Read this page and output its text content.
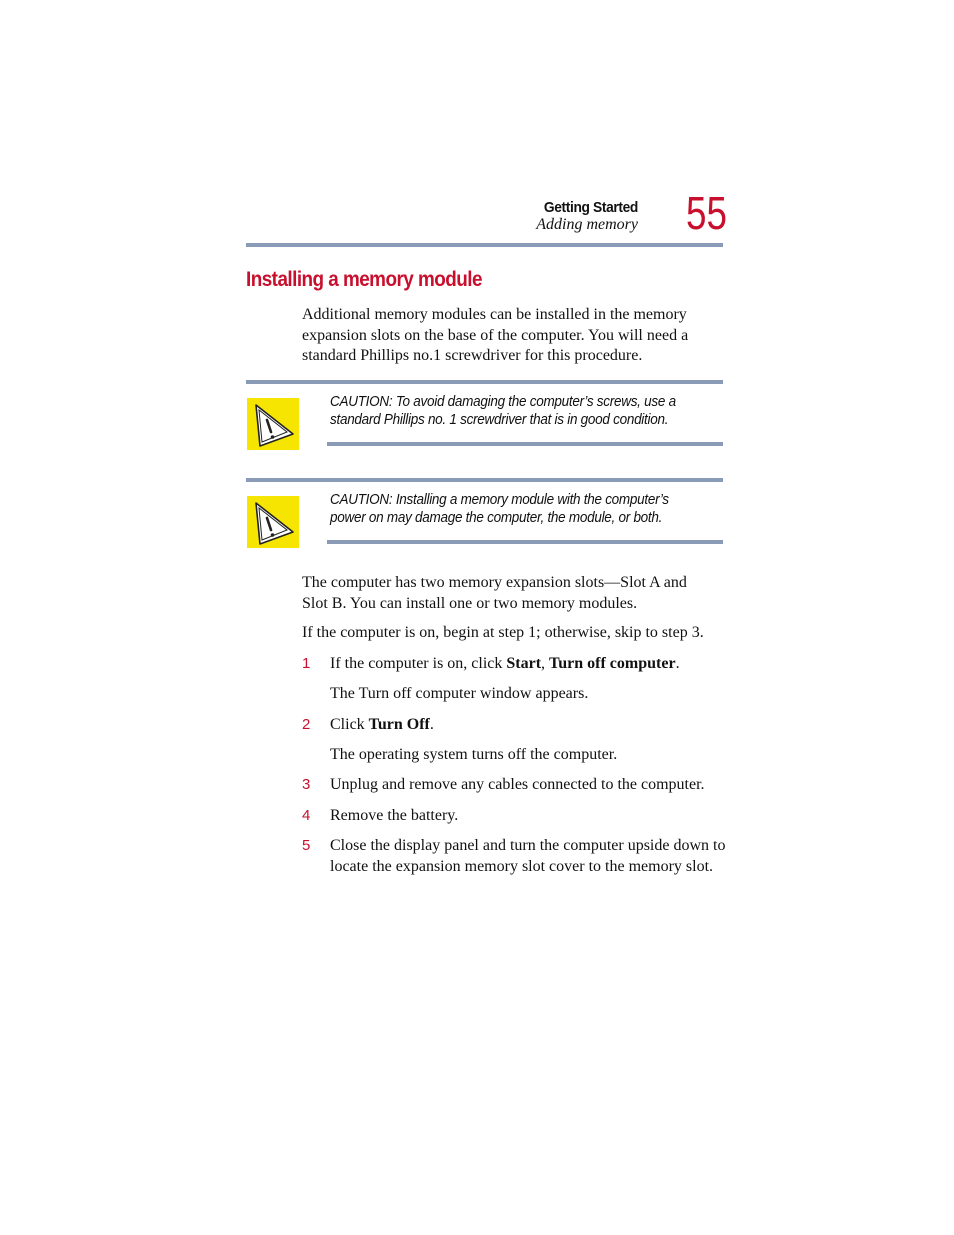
Getting Started
Adding memory 55
Installing a memory module
Additional memory modules can be installed in the memory
expansion slots on the base of the computer. You will need a
standard Phillips no.1 screwdriver for this procedure.
CAUTION: To avoid damaging the computer’s screws, use a
standard Phillips no. 1 screwdriver that is in good condition.
CAUTION: Installing a memory module with the computer’s
power on may damage the computer, the module, or both.
The computer has two memory expansion slots—Slot A and
Slot B. You can install one or two memory modules.
If the computer is on, begin at step 1; otherwise, skip to step 3.
1 If the computer is on, click Start, Turn off computer.
The Turn off computer window appears.
2 Click Turn Off.
The operating system turns off the computer.
3 Unplug and remove any cables connected to the computer.
4 Remove the battery.
5 Close the display panel and turn the computer upside down to
locate the expansion memory slot cover to the memory slot.
